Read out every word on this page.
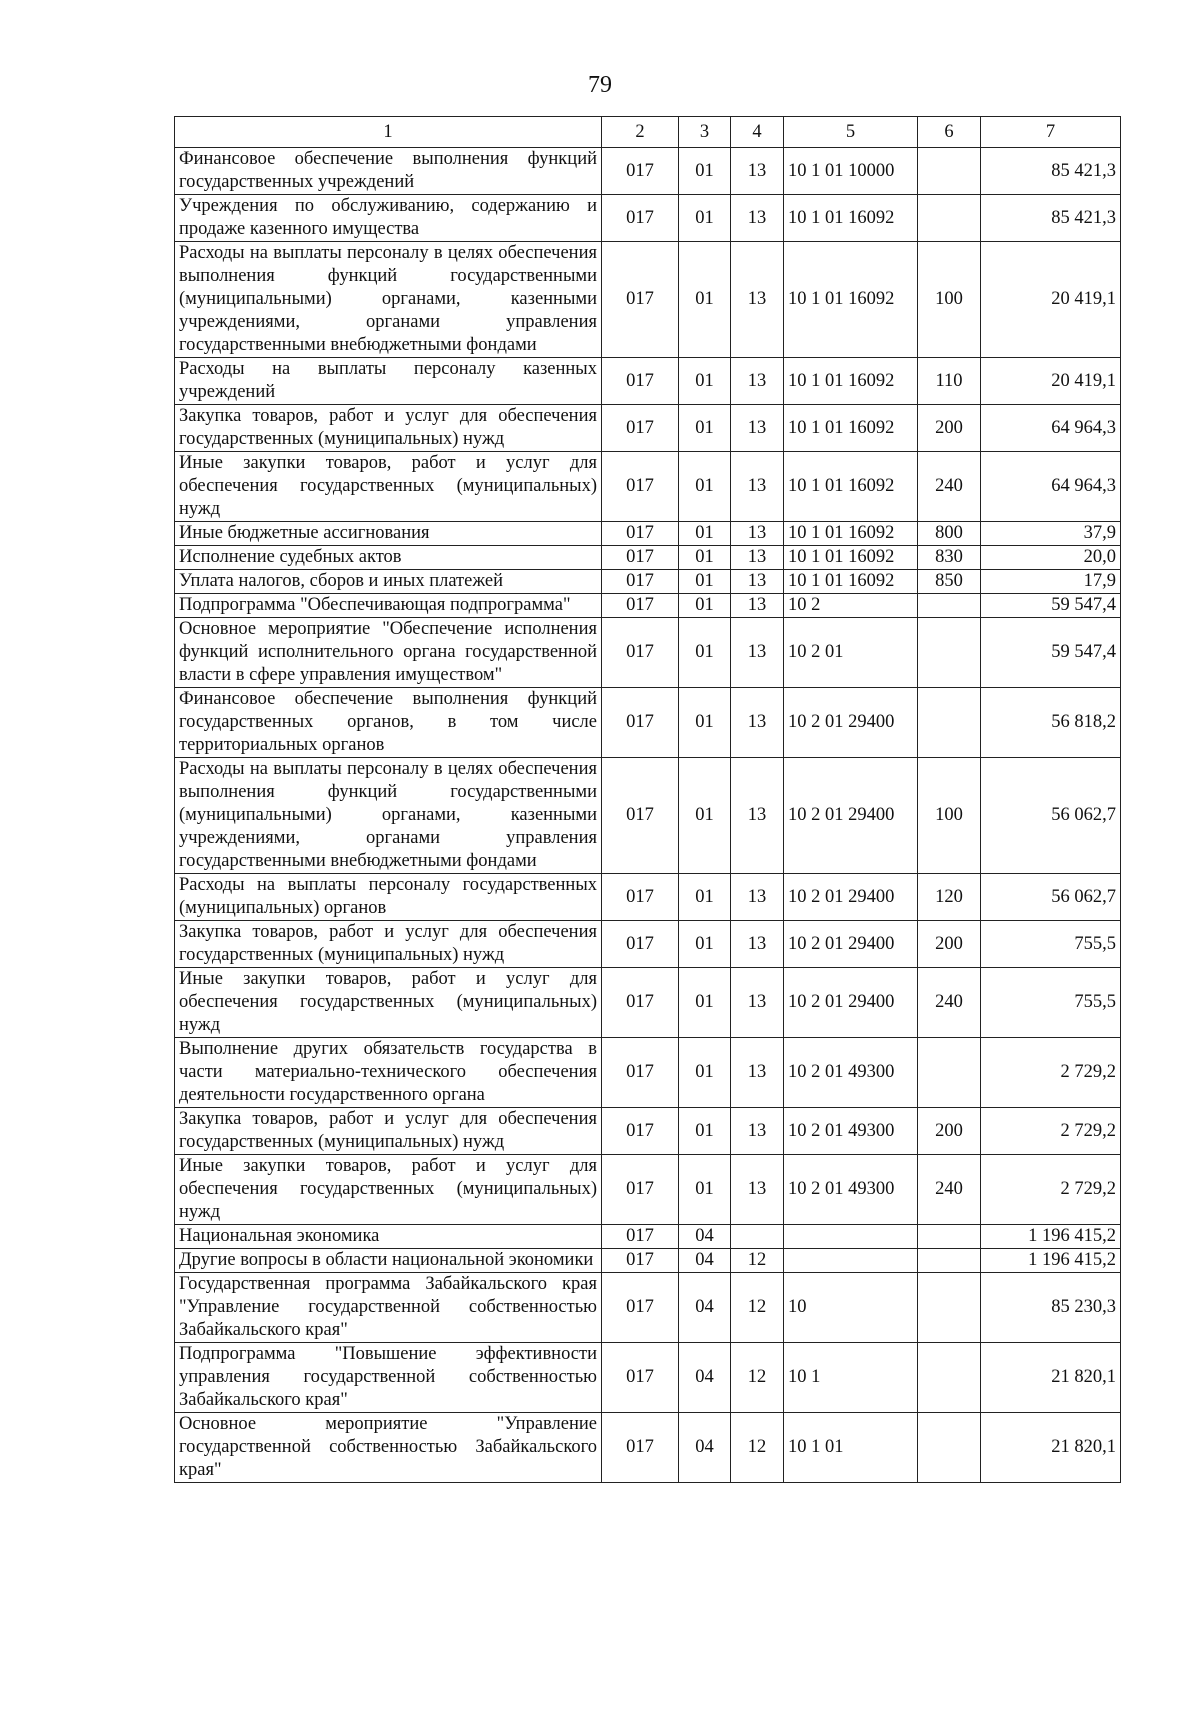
79
1	2	3	4	5	6	7
Финансовое обеспечение выполнения функций государственных учреждений	017	01	13	10 1 01 10000		85 421,3
Учреждения по обслуживанию, содержанию и продаже казенного имущества	017	01	13	10 1 01 16092		85 421,3
Расходы на выплаты персоналу в целях обеспечения выполнения функций государственными (муниципальными) органами, казенными учреждениями, органами управления государственными внебюджетными фондами	017	01	13	10 1 01 16092	100	20 419,1
Расходы на выплаты персоналу казенных учреждений	017	01	13	10 1 01 16092	110	20 419,1
Закупка товаров, работ и услуг для обеспечения государственных (муниципальных) нужд	017	01	13	10 1 01 16092	200	64 964,3
Иные закупки товаров, работ и услуг для обеспечения государственных (муниципальных) нужд	017	01	13	10 1 01 16092	240	64 964,3
Иные бюджетные ассигнования	017	01	13	10 1 01 16092	800	37,9
Исполнение судебных актов	017	01	13	10 1 01 16092	830	20,0
Уплата налогов, сборов и иных платежей	017	01	13	10 1 01 16092	850	17,9
Подпрограмма "Обеспечивающая подпрограмма"	017	01	13	10 2		59 547,4
Основное мероприятие "Обеспечение исполнения функций исполнительного органа государственной власти в сфере управления имуществом"	017	01	13	10 2 01		59 547,4
Финансовое обеспечение выполнения функций государственных органов, в том числе территориальных органов	017	01	13	10 2 01 29400		56 818,2
Расходы на выплаты персоналу в целях обеспечения выполнения функций государственными (муниципальными) органами, казенными учреждениями, органами управления государственными внебюджетными фондами	017	01	13	10 2 01 29400	100	56 062,7
Расходы на выплаты персоналу государственных (муниципальных) органов	017	01	13	10 2 01 29400	120	56 062,7
Закупка товаров, работ и услуг для обеспечения государственных (муниципальных) нужд	017	01	13	10 2 01 29400	200	755,5
Иные закупки товаров, работ и услуг для обеспечения государственных (муниципальных) нужд	017	01	13	10 2 01 29400	240	755,5
Выполнение других обязательств государства в части материально-технического обеспечения деятельности государственного органа	017	01	13	10 2 01 49300		2 729,2
Закупка товаров, работ и услуг для обеспечения государственных (муниципальных) нужд	017	01	13	10 2 01 49300	200	2 729,2
Иные закупки товаров, работ и услуг для обеспечения государственных (муниципальных) нужд	017	01	13	10 2 01 49300	240	2 729,2
Национальная экономика	017	04				1 196 415,2
Другие вопросы в области национальной экономики	017	04	12			1 196 415,2
Государственная программа Забайкальского края "Управление государственной собственностью Забайкальского края"	017	04	12	10		85 230,3
Подпрограмма "Повышение эффективности управления государственной собственностью Забайкальского края"	017	04	12	10 1		21 820,1
Основное мероприятие "Управление государственной собственностью Забайкальского края"	017	04	12	10 1 01		21 820,1
